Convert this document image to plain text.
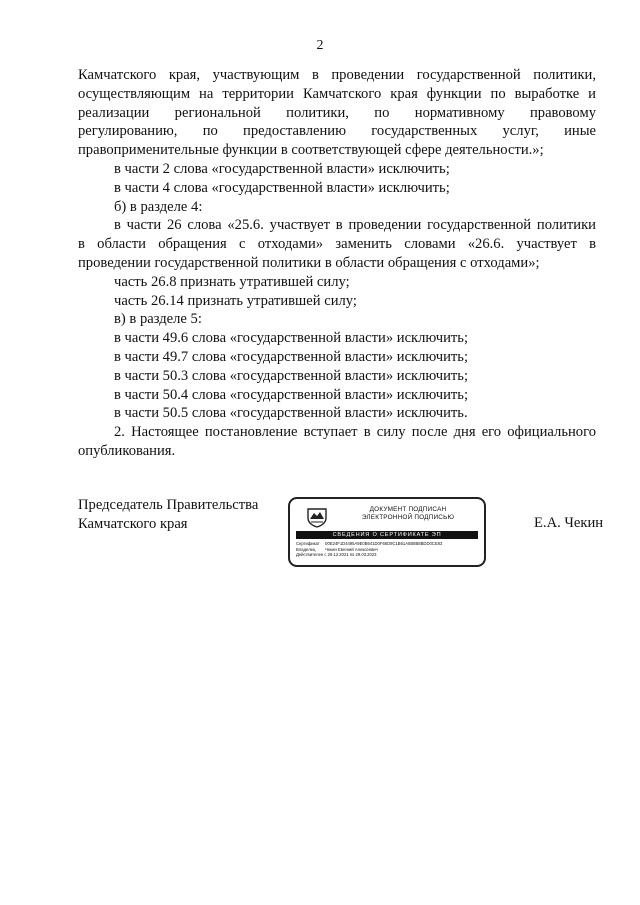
2
Камчатского края, участвующим в проведении государственной политики,
осуществляющим на территории Камчатского края функции по выработке и
реализации региональной политики, по нормативному правовому
регулированию, по предоставлению государственных услуг, иные
правоприменительные функции в соответствующей сфере деятельности.»;
в части 2 слова «государственной власти» исключить;
в части 4 слова «государственной власти» исключить;
б) в разделе 4:
в части 26 слова «25.6. участвует в проведении государственной политики
в области обращения с отходами» заменить словами «26.6. участвует в
проведении государственной политики в области обращения с отходами»;
часть 26.8 признать утратившей силу;
часть 26.14 признать утратившей силу;
в) в разделе 5:
в части 49.6 слова «государственной власти» исключить;
в части 49.7 слова «государственной власти» исключить;
в части 50.3 слова «государственной власти» исключить;
в части 50.4 слова «государственной власти» исключить;
в части 50.5 слова «государственной власти» исключить.
2. Настоящее постановление вступает в силу после дня его официального
опубликования.
Председатель Правительства
Камчатского края
ДОКУМЕНТ ПОДПИСАН
ЭЛЕКТРОННОЙ ПОДПИСЬЮ
СВЕДЕНИЯ О СЕРТИФИКАТЕ ЭП
Сертификат 00E24F1D4495A9E0B641D0F66D9C1B61A5B8B8BDD0CE83
Владелец Чекин Евгений Алексеевич
Действителен с 29.12.2021 по 29.03.2023
Е.А. Чекин
